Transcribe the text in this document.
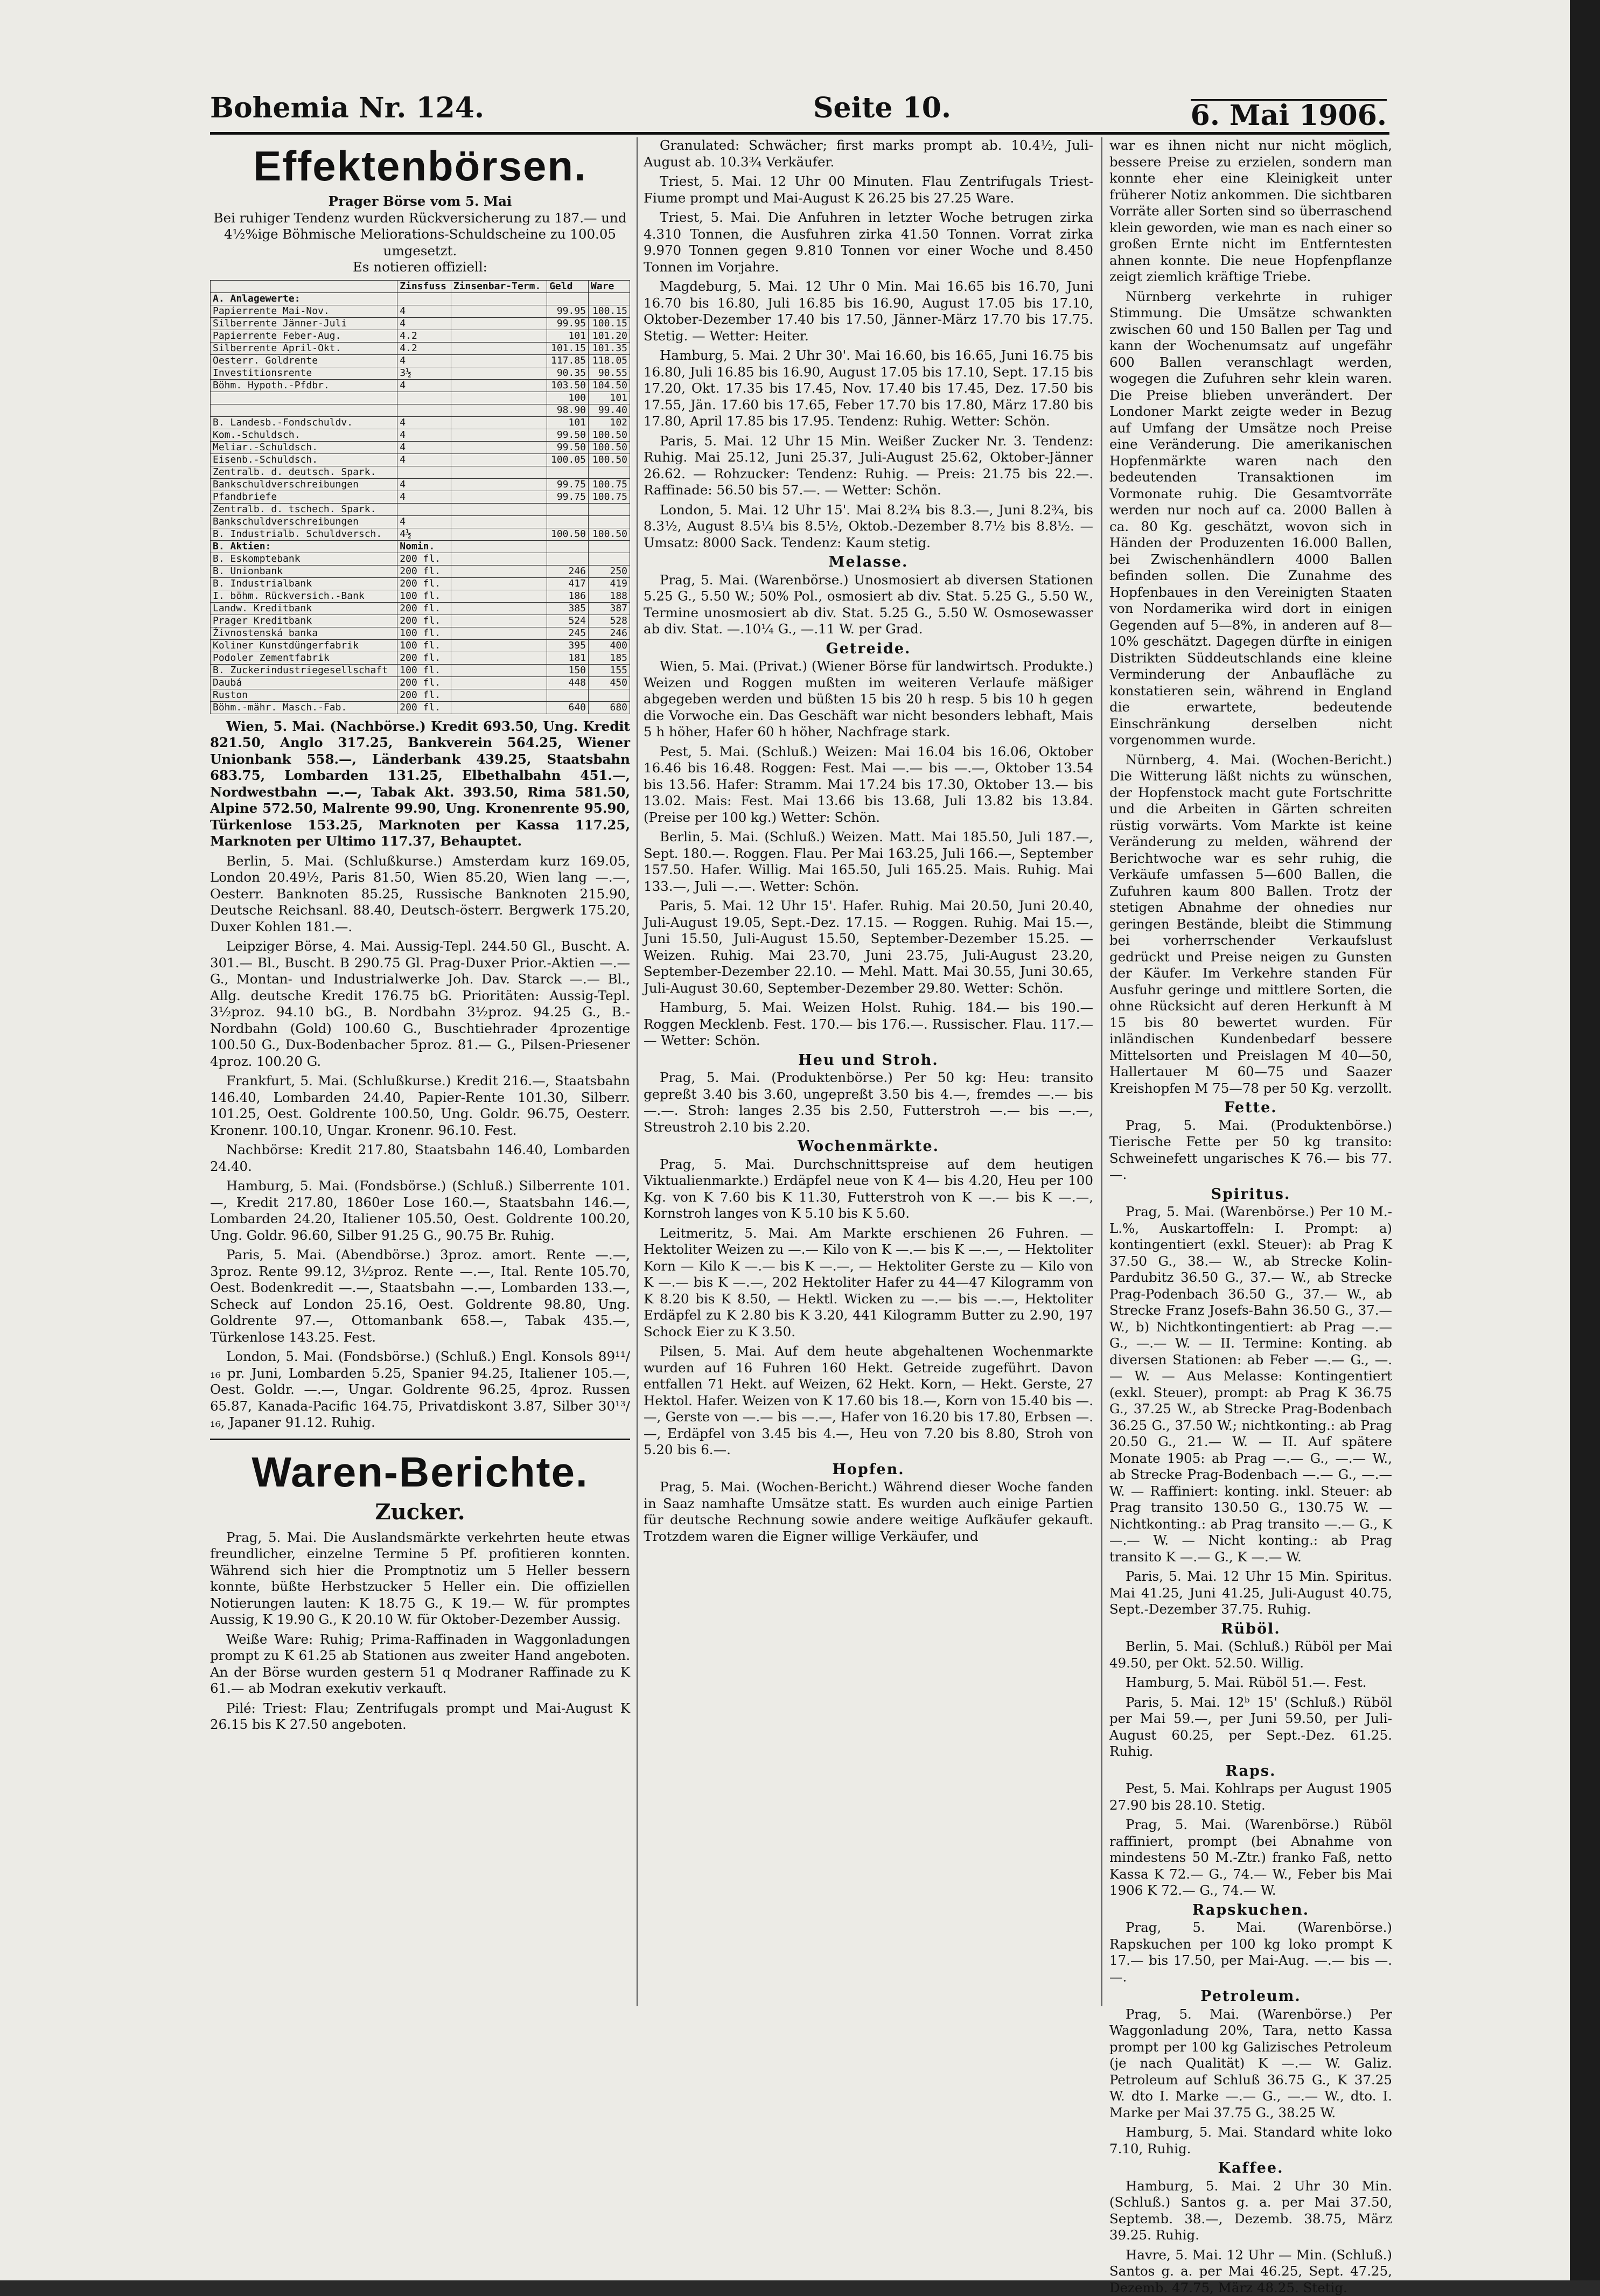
Bohemia Nr. 124.	Seite 10.	6. Mai 1906.
Effektenbörsen.
Prager Börse vom 5. Mai
Bei ruhiger Tendenz wurden Rückversicherung zu 187.— und 4½%ige Böhmische Meliorations-Schuldscheine zu 100.05 umgesetzt.
Es notieren offiziell:
	Zinsfuss	Zinsenbar-Term.	Geld	Ware
A. Anlagewerte:				
Papierrente Mai-Nov.	4		99.95	100.15
Silberrente Jänner-Juli	4		99.95	100.15
Papierrente Feber-Aug.	4.2		101	101.20
Silberrente April-Okt.	4.2		101.15	101.35
Oesterr. Goldrente	4		117.85	118.05
Investitionsrente	3½		90.35	90.55
Böhm. Hypoth.-Pfdbr.	4		103.50	104.50
			100	101
			98.90	99.40
B. Landesb.-Fondschuldv.	4		101	102
Kom.-Schuldsch.	4		99.50	100.50
Meliar.-Schuldsch.	4		99.50	100.50
Eisenb.-Schuldsch.	4		100.05	100.50
Zentralb. d. deutsch. Spark.				
Bankschuldverschreibungen	4		99.75	100.75
Pfandbriefe	4		99.75	100.75
Zentralb. d. tschech. Spark.				
Bankschuldverschreibungen	4			
B. Industrialb. Schuldversch.	4½		100.50	100.50
B. Aktien:	Nomin.			
B. Eskomptebank	200 fl.			
B. Unionbank	200 fl.		246	250
B. Industrialbank	200 fl.		417	419
I. böhm. Rückversich.-Bank	100 fl.		186	188
Landw. Kreditbank	200 fl.		385	387
Prager Kreditbank	200 fl.		524	528
Živnostenská banka	100 fl.		245	246
Koliner Kunstdüngerfabrik	100 fl.		395	400
Podoler Zementfabrik	200 fl.		181	185
B. Zuckerindustriegesellschaft	100 fl.		150	155
Daubá	200 fl.		448	450
Ruston	200 fl.			
Böhm.-mähr. Masch.-Fab.	200 fl.		640	680

Wien, 5. Mai. (Nachbörse.) Kredit 693.50, Ung. Kredit 821.50, Anglo 317.25, Bankverein 564.25, Wiener Unionbank 558.—, Länderbank 439.25, Staatsbahn 683.75, Lombarden 131.25, Elbethalbahn 451.—, Nordwestbahn —.—, Tabak Akt. 393.50, Rima 581.50, Alpine 572.50, Malrente 99.90, Ung. Kronenrente 95.90, Türkenlose 153.25, Marknoten per Kassa 117.25, Marknoten per Ultimo 117.37, Behauptet.

Berlin, 5. Mai. (Schlußkurse.) Amsterdam kurz 169.05, London 20.49½, Paris 81.50, Wien 85.20, Wien lang —.—, Oesterr. Banknoten 85.25, Russische Banknoten 215.90, Deutsche Reichsanl. 88.40, Deutsch-österr. Bergwerk 175.20, Duxer Kohlen 181.—.

Leipziger Börse, 4. Mai. Aussig-Tepl. 244.50 Gl., Buscht. A. 301.— Bl., Buscht. B 290.75 Gl. Prag-Duxer Prior.-Aktien —.— G., Montan- und Industrialwerke Joh. Dav. Starck —.— Bl., Allg. deutsche Kredit 176.75 bG. Prioritäten: Aussig-Tepl. 3½proz. 94.10 bG., B. Nordbahn 3½proz. 94.25 G., B.-Nordbahn (Gold) 100.60 G., Buschtiehrader 4prozentige 100.50 G., Dux-Bodenbacher 5proz. 81.— G., Pilsen-Priesener 4proz. 100.20 G.

Frankfurt, 5. Mai. (Schlußkurse.) Kredit 216.—, Staatsbahn 146.40, Lombarden 24.40, Papier-Rente 101.30, Silberr. 101.25, Oest. Goldrente 100.50, Ung. Goldr. 96.75, Oesterr. Kronenr. 100.10, Ungar. Kronenr. 96.10. Fest.

Nachbörse: Kredit 217.80, Staatsbahn 146.40, Lombarden 24.40.

Hamburg, 5. Mai. (Fondsbörse.) (Schluß.) Silberrente 101.—, Kredit 217.80, 1860er Lose 160.—, Staatsbahn 146.—, Lombarden 24.20, Italiener 105.50, Oest. Goldrente 100.20, Ung. Goldr. 96.60, Silber 91.25 G., 90.75 Br. Ruhig.

Paris, 5. Mai. (Abendbörse.) 3proz. amort. Rente —.—, 3proz. Rente 99.12, 3½proz. Rente —.—, Ital. Rente 105.70, Oest. Bodenkredit —.—, Staatsbahn —.—, Lombarden 133.—, Scheck auf London 25.16, Oest. Goldrente 98.80, Ung. Goldrente 97.—, Ottomanbank 658.—, Tabak 435.—, Türkenlose 143.25. Fest.

London, 5. Mai. (Fondsbörse.) (Schluß.) Engl. Konsols 89¹¹/₁₆ pr. Juni, Lombarden 5.25, Spanier 94.25, Italiener 105.—, Oest. Goldr. —.—, Ungar. Goldrente 96.25, 4proz. Russen 65.87, Kanada-Pacific 164.75, Privatdiskont 3.87, Silber 30¹³/₁₆, Japaner 91.12. Ruhig.

Waren-Berichte.
Zucker.

Prag, 5. Mai. Die Auslandsmärkte verkehrten heute etwas freundlicher, einzelne Termine 5 Pf. profitieren konnten. Während sich hier die Promptnotiz um 5 Heller bessern konnte, büßte Herbstzucker 5 Heller ein. Die offiziellen Notierungen lauten: K 18.75 G., K 19.— W. für promptes Aussig, K 19.90 G., K 20.10 W. für Oktober-Dezember Aussig.

Weiße Ware: Ruhig; Prima-Raffinaden in Waggonladungen prompt zu K 61.25 ab Stationen aus zweiter Hand angeboten. An der Börse wurden gestern 51 q Modraner Raffinade zu K 61.— ab Modran exekutiv verkauft.

Pilé: Triest: Flau; Zentrifugals prompt und Mai-August K 26.15 bis K 27.50 angeboten.

Granulated: Schwächer; first marks prompt ab. 10.4½, Juli-August ab. 10.3¾ Verkäufer.

Triest, 5. Mai. 12 Uhr 00 Minuten. Flau Zentrifugals Triest-Fiume prompt und Mai-August K 26.25 bis 27.25 Ware.

Triest, 5. Mai. Die Anfuhren in letzter Woche betrugen zirka 4.310 Tonnen, die Ausfuhren zirka 41.50 Tonnen. Vorrat zirka 9.970 Tonnen gegen 9.810 Tonnen vor einer Woche und 8.450 Tonnen im Vorjahre.

Magdeburg, 5. Mai. 12 Uhr 0 Min. Mai 16.65 bis 16.70, Juni 16.70 bis 16.80, Juli 16.85 bis 16.90, August 17.05 bis 17.10, Oktober-Dezember 17.40 bis 17.50, Jänner-März 17.70 bis 17.75. Stetig. — Wetter: Heiter.

Hamburg, 5. Mai. 2 Uhr 30'. Mai 16.60, bis 16.65, Juni 16.75 bis 16.80, Juli 16.85 bis 16.90, August 17.05 bis 17.10, Sept. 17.15 bis 17.20, Okt. 17.35 bis 17.45, Nov. 17.40 bis 17.45, Dez. 17.50 bis 17.55, Jän. 17.60 bis 17.65, Feber 17.70 bis 17.80, März 17.80 bis 17.80, April 17.85 bis 17.95. Tendenz: Ruhig. Wetter: Schön.

Paris, 5. Mai. 12 Uhr 15 Min. Weißer Zucker Nr. 3. Tendenz: Ruhig. Mai 25.12, Juni 25.37, Juli-August 25.62, Oktober-Jänner 26.62. — Rohzucker: Tendenz: Ruhig. — Preis: 21.75 bis 22.—. Raffinade: 56.50 bis 57.—. — Wetter: Schön.

London, 5. Mai. 12 Uhr 15'. Mai 8.2¾ bis 8.3.—, Juni 8.2¾, bis 8.3½, August 8.5¼ bis 8.5½, Oktob.-Dezember 8.7½ bis 8.8½. — Umsatz: 8000 Sack. Tendenz: Kaum stetig.

Melasse.

Prag, 5. Mai. (Warenbörse.) Unosmosiert ab diversen Stationen 5.25 G., 5.50 W.; 50% Pol., osmosiert ab div. Stat. 5.25 G., 5.50 W., Termine unosmosiert ab div. Stat. 5.25 G., 5.50 W. Osmosewasser ab div. Stat. —.10¼ G., —.11 W. per Grad.

Getreide.

Wien, 5. Mai. (Privat.) (Wiener Börse für landwirtsch. Produkte.) Weizen und Roggen mußten im weiteren Verlaufe mäßiger abgegeben werden und büßten 15 bis 20 h resp. 5 bis 10 h gegen die Vorwoche ein. Das Geschäft war nicht besonders lebhaft, Mais 5 h höher, Hafer 60 h höher, Nachfrage stark.

Pest, 5. Mai. (Schluß.) Weizen: Mai 16.04 bis 16.06, Oktober 16.46 bis 16.48. Roggen: Fest. Mai —.— bis —.—, Oktober 13.54 bis 13.56. Hafer: Stramm. Mai 17.24 bis 17.30, Oktober 13.— bis 13.02. Mais: Fest. Mai 13.66 bis 13.68, Juli 13.82 bis 13.84. (Preise per 100 kg.) Wetter: Schön.

Berlin, 5. Mai. (Schluß.) Weizen. Matt. Mai 185.50, Juli 187.—, Sept. 180.—. Roggen. Flau. Per Mai 163.25, Juli 166.—, September 157.50. Hafer. Willig. Mai 165.50, Juli 165.25. Mais. Ruhig. Mai 133.—, Juli —.—. Wetter: Schön.

Paris, 5. Mai. 12 Uhr 15'. Hafer. Ruhig. Mai 20.50, Juni 20.40, Juli-August 19.05, Sept.-Dez. 17.15. — Roggen. Ruhig. Mai 15.—, Juni 15.50, Juli-August 15.50, September-Dezember 15.25. — Weizen. Ruhig. Mai 23.70, Juni 23.75, Juli-August 23.20, September-Dezember 22.10. — Mehl. Matt. Mai 30.55, Juni 30.65, Juli-August 30.60, September-Dezember 29.80. Wetter: Schön.

Hamburg, 5. Mai. Weizen Holst. Ruhig. 184.— bis 190.— Roggen Mecklenb. Fest. 170.— bis 176.—. Russischer. Flau. 117.— — Wetter: Schön.

Heu und Stroh.

Prag, 5. Mai. (Produktenbörse.) Per 50 kg: Heu: transito gepreßt 3.40 bis 3.60, ungepreßt 3.50 bis 4.—, fremdes —.— bis —.—. Stroh: langes 2.35 bis 2.50, Futterstroh —.— bis —.—, Streustroh 2.10 bis 2.20.

Wochenmärkte.

Prag, 5. Mai. Durchschnittspreise auf dem heutigen Viktualienmarkte.) Erdäpfel neue von K 4— bis 4.20, Heu per 100 Kg. von K 7.60 bis K 11.30, Futterstroh von K —.— bis K —.—, Kornstroh langes von K 5.10 bis K 5.60.

Leitmeritz, 5. Mai. Am Markte erschienen 26 Fuhren. — Hektoliter Weizen zu —.— Kilo von K —.— bis K —.—, — Hektoliter Korn — Kilo K —.— bis K —.—, — Hektoliter Gerste zu — Kilo von K —.— bis K —.—, 202 Hektoliter Hafer zu 44—47 Kilogramm von K 8.20 bis K 8.50, — Hektl. Wicken zu —.— bis —.—, Hektoliter Erdäpfel zu K 2.80 bis K 3.20, 441 Kilogramm Butter zu 2.90, 197 Schock Eier zu K 3.50.

Pilsen, 5. Mai. Auf dem heute abgehaltenen Wochenmarkte wurden auf 16 Fuhren 160 Hekt. Getreide zugeführt. Davon entfallen 71 Hekt. auf Weizen, 62 Hekt. Korn, — Hekt. Gerste, 27 Hektol. Hafer. Weizen von K 17.60 bis 18.—, Korn von 15.40 bis —.—, Gerste von —.— bis —.—, Hafer von 16.20 bis 17.80, Erbsen —.—, Erdäpfel von 3.45 bis 4.—, Heu von 7.20 bis 8.80, Stroh von 5.20 bis 6.—.

Hopfen.

Prag, 5. Mai. (Wochen-Bericht.) Während dieser Woche fanden in Saaz namhafte Umsätze statt. Es wurden auch einige Partien für deutsche Rechnung sowie andere weitige Aufkäufer gekauft. Trotzdem waren die Eigner willige Verkäufer, und

war es ihnen nicht nur nicht möglich, bessere Preise zu erzielen, sondern man konnte eher eine Kleinigkeit unter früherer Notiz ankommen. Die sichtbaren Vorräte aller Sorten sind so überraschend klein geworden, wie man es nach einer so großen Ernte nicht im Entferntesten ahnen konnte. Die neue Hopfenpflanze zeigt ziemlich kräftige Triebe.

Nürnberg verkehrte in ruhiger Stimmung. Die Umsätze schwankten zwischen 60 und 150 Ballen per Tag und kann der Wochenumsatz auf ungefähr 600 Ballen veranschlagt werden, wogegen die Zufuhren sehr klein waren. Die Preise blieben unverändert. Der Londoner Markt zeigte weder in Bezug auf Umfang der Umsätze noch Preise eine Veränderung. Die amerikanischen Hopfenmärkte waren nach den bedeutenden Transaktionen im Vormonate ruhig. Die Gesamtvorräte werden nur noch auf ca. 2000 Ballen à ca. 80 Kg. geschätzt, wovon sich in Händen der Produzenten 16.000 Ballen, bei Zwischenhändlern 4000 Ballen befinden sollen. Die Zunahme des Hopfenbaues in den Vereinigten Staaten von Nordamerika wird dort in einigen Gegenden auf 5—8%, in anderen auf 8—10% geschätzt. Dagegen dürfte in einigen Distrikten Süddeutschlands eine kleine Verminderung der Anbaufläche zu konstatieren sein, während in England die erwartete, bedeutende Einschränkung derselben nicht vorgenommen wurde.

Nürnberg, 4. Mai. (Wochen-Bericht.) Die Witterung läßt nichts zu wünschen, der Hopfenstock macht gute Fortschritte und die Arbeiten in Gärten schreiten rüstig vorwärts. Vom Markte ist keine Veränderung zu melden, während der Berichtwoche war es sehr ruhig, die Verkäufe umfassen 5—600 Ballen, die Zufuhren kaum 800 Ballen. Trotz der stetigen Abnahme der ohnedies nur geringen Bestände, bleibt die Stimmung bei vorherrschender Verkaufslust gedrückt und Preise neigen zu Gunsten der Käufer. Im Verkehre standen Für Ausfuhr geringe und mittlere Sorten, die ohne Rücksicht auf deren Herkunft à M 15 bis 80 bewertet wurden. Für inländischen Kundenbedarf bessere Mittelsorten und Preislagen M 40—50, Hallertauer M 60—75 und Saazer Kreishopfen M 75—78 per 50 Kg. verzollt.

Fette.

Prag, 5. Mai. (Produktenbörse.) Tierische Fette per 50 kg transito: Schweinefett ungarisches K 76.— bis 77.—.

Spiritus.

Prag, 5. Mai. (Warenbörse.) Per 10 M.-L.%, Auskartoffeln: I. Prompt: a) kontingentiert (exkl. Steuer): ab Prag K 37.50 G., 38.— W., ab Strecke Kolin-Pardubitz 36.50 G., 37.— W., ab Strecke Prag-Podenbach 36.50 G., 37.— W., ab Strecke Franz Josefs-Bahn 36.50 G., 37.— W., b) Nichtkontingentiert: ab Prag —.— G., —.— W. — II. Termine: Konting. ab diversen Stationen: ab Feber —.— G., —.— W. — Aus Melasse: Kontingentiert (exkl. Steuer), prompt: ab Prag K 36.75 G., 37.25 W., ab Strecke Prag-Bodenbach 36.25 G., 37.50 W.; nichtkonting.: ab Prag 20.50 G., 21.— W. — II. Auf spätere Monate 1905: ab Prag —.— G., —.— W., ab Strecke Prag-Bodenbach —.— G., —.— W. — Raffiniert: konting. inkl. Steuer: ab Prag transito 130.50 G., 130.75 W. — Nichtkonting.: ab Prag transito —.— G., K —.— W. — Nicht konting.: ab Prag transito K —.— G., K —.— W.

Paris, 5. Mai. 12 Uhr 15 Min. Spiritus. Mai 41.25, Juni 41.25, Juli-August 40.75, Sept.-Dezember 37.75. Ruhig.

Rüböl.

Berlin, 5. Mai. (Schluß.) Rüböl per Mai 49.50, per Okt. 52.50. Willig.

Hamburg, 5. Mai. Rüböl 51.—. Fest.

Paris, 5. Mai. 12ᵇ 15' (Schluß.) Rüböl per Mai 59.—, per Juni 59.50, per Juli-August 60.25, per Sept.-Dez. 61.25. Ruhig.

Raps.

Pest, 5. Mai. Kohlraps per August 1905 27.90 bis 28.10. Stetig.

Prag, 5. Mai. (Warenbörse.) Rüböl raffiniert, prompt (bei Abnahme von mindestens 50 M.-Ztr.) franko Faß, netto Kassa K 72.— G., 74.— W., Feber bis Mai 1906 K 72.— G., 74.— W.

Rapskuchen.

Prag, 5. Mai. (Warenbörse.) Rapskuchen per 100 kg loko prompt K 17.— bis 17.50, per Mai-Aug. —.— bis —.—.

Petroleum.

Prag, 5. Mai. (Warenbörse.) Per Waggonladung 20%, Tara, netto Kassa prompt per 100 kg Galizisches Petroleum (je nach Qualität) K —.— W. Galiz. Petroleum auf Schluß 36.75 G., K 37.25 W. dto I. Marke —.— G., —.— W., dto. I. Marke per Mai 37.75 G., 38.25 W.

Hamburg, 5. Mai. Standard white loko 7.10, Ruhig.

Kaffee.

Hamburg, 5. Mai. 2 Uhr 30 Min. (Schluß.) Santos g. a. per Mai 37.50, Septemb. 38.—, Dezemb. 38.75, März 39.25. Ruhig.

Havre, 5. Mai. 12 Uhr — Min. (Schluß.) Santos g. a. per Mai 46.25, Sept. 47.25, Dezemb. 47.75, März 48.25. Stetig.
